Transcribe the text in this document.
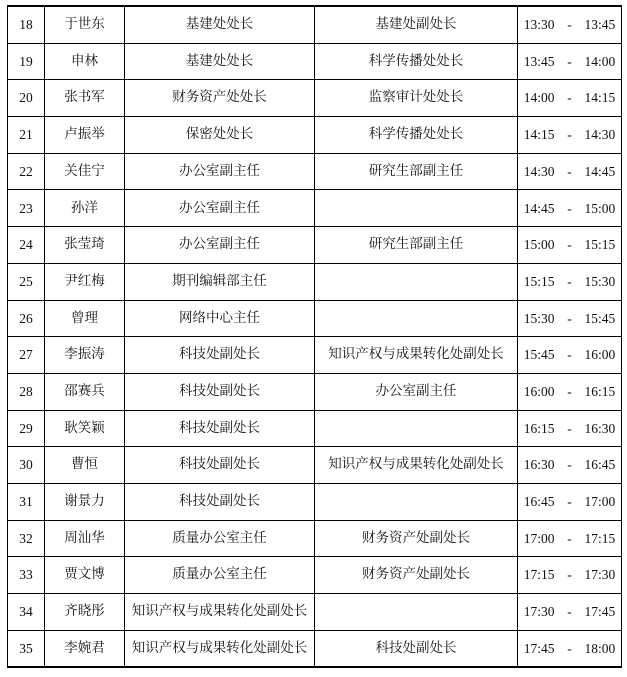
18	于世东	基建处处长	基建处副处长	13:30 - 13:45
19	申林	基建处处长	科学传播处处长	13:45 - 14:00
20	张书军	财务资产处处长	监察审计处处长	14:00 - 14:15
21	卢振举	保密处处长	科学传播处处长	14:15 - 14:30
22	关佳宁	办公室副主任	研究生部副主任	14:30 - 14:45
23	孙洋	办公室副主任		14:45 - 15:00
24	张莹琦	办公室副主任	研究生部副主任	15:00 - 15:15
25	尹红梅	期刊编辑部主任		15:15 - 15:30
26	曾理	网络中心主任		15:30 - 15:45
27	李振涛	科技处副处长	知识产权与成果转化处副处长	15:45 - 16:00
28	邵赛兵	科技处副处长	办公室副主任	16:00 - 16:15
29	耿笑颖	科技处副处长		16:15 - 16:30
30	曹恒	科技处副处长	知识产权与成果转化处副处长	16:30 - 16:45
31	谢景力	科技处副处长		16:45 - 17:00
32	周汕华	质量办公室主任	财务资产处副处长	17:00 - 17:15
33	贾文博	质量办公室主任	财务资产处副处长	17:15 - 17:30
34	齐晓彤	知识产权与成果转化处副处长		17:30 - 17:45
35	李婉君	知识产权与成果转化处副处长	科技处副处长	17:45 - 18:00
